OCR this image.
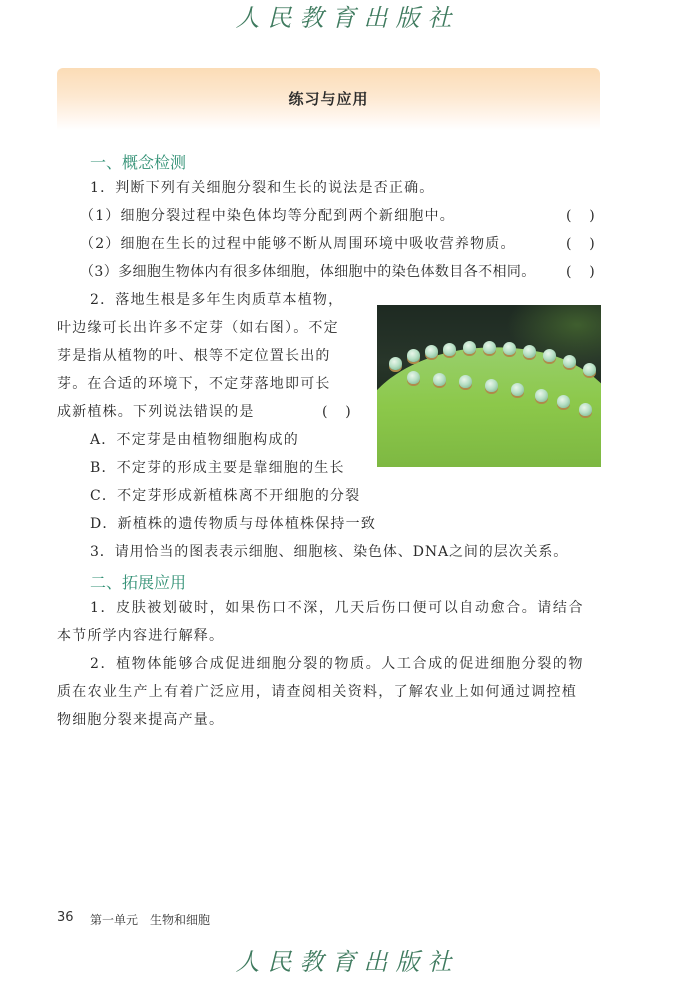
人民教育出版社
练习与应用
一、概念检测
1．判断下列有关细胞分裂和生长的说法是否正确。
（1）细胞分裂过程中染色体均等分配到两个新细胞中。	(    )
（2）细胞在生长的过程中能够不断从周围环境中吸收营养物质。	(    )
（3）多细胞生物体内有很多体细胞，体细胞中的染色体数目各不相同。 (    )
2．落地生根是多年生肉质草本植物，
叶边缘可长出许多不定芽（如右图）。不定
芽是指从植物的叶、根等不定位置长出的
芽。在合适的环境下，不定芽落地即可长
成新植株。下列说法错误的是	(    )
A．不定芽是由植物细胞构成的
B．不定芽的形成主要是靠细胞的生长
C．不定芽形成新植株离不开细胞的分裂
D．新植株的遗传物质与母体植株保持一致
3．请用恰当的图表表示细胞、细胞核、染色体、DNA之间的层次关系。
二、拓展应用
1．皮肤被划破时，如果伤口不深，几天后伤口便可以自动愈合。请结合
本节所学内容进行解释。
2．植物体能够合成促进细胞分裂的物质。人工合成的促进细胞分裂的物
质在农业生产上有着广泛应用，请查阅相关资料，了解农业上如何通过调控植
物细胞分裂来提高产量。
36 第一单元 生物和细胞
人民教育出版社
